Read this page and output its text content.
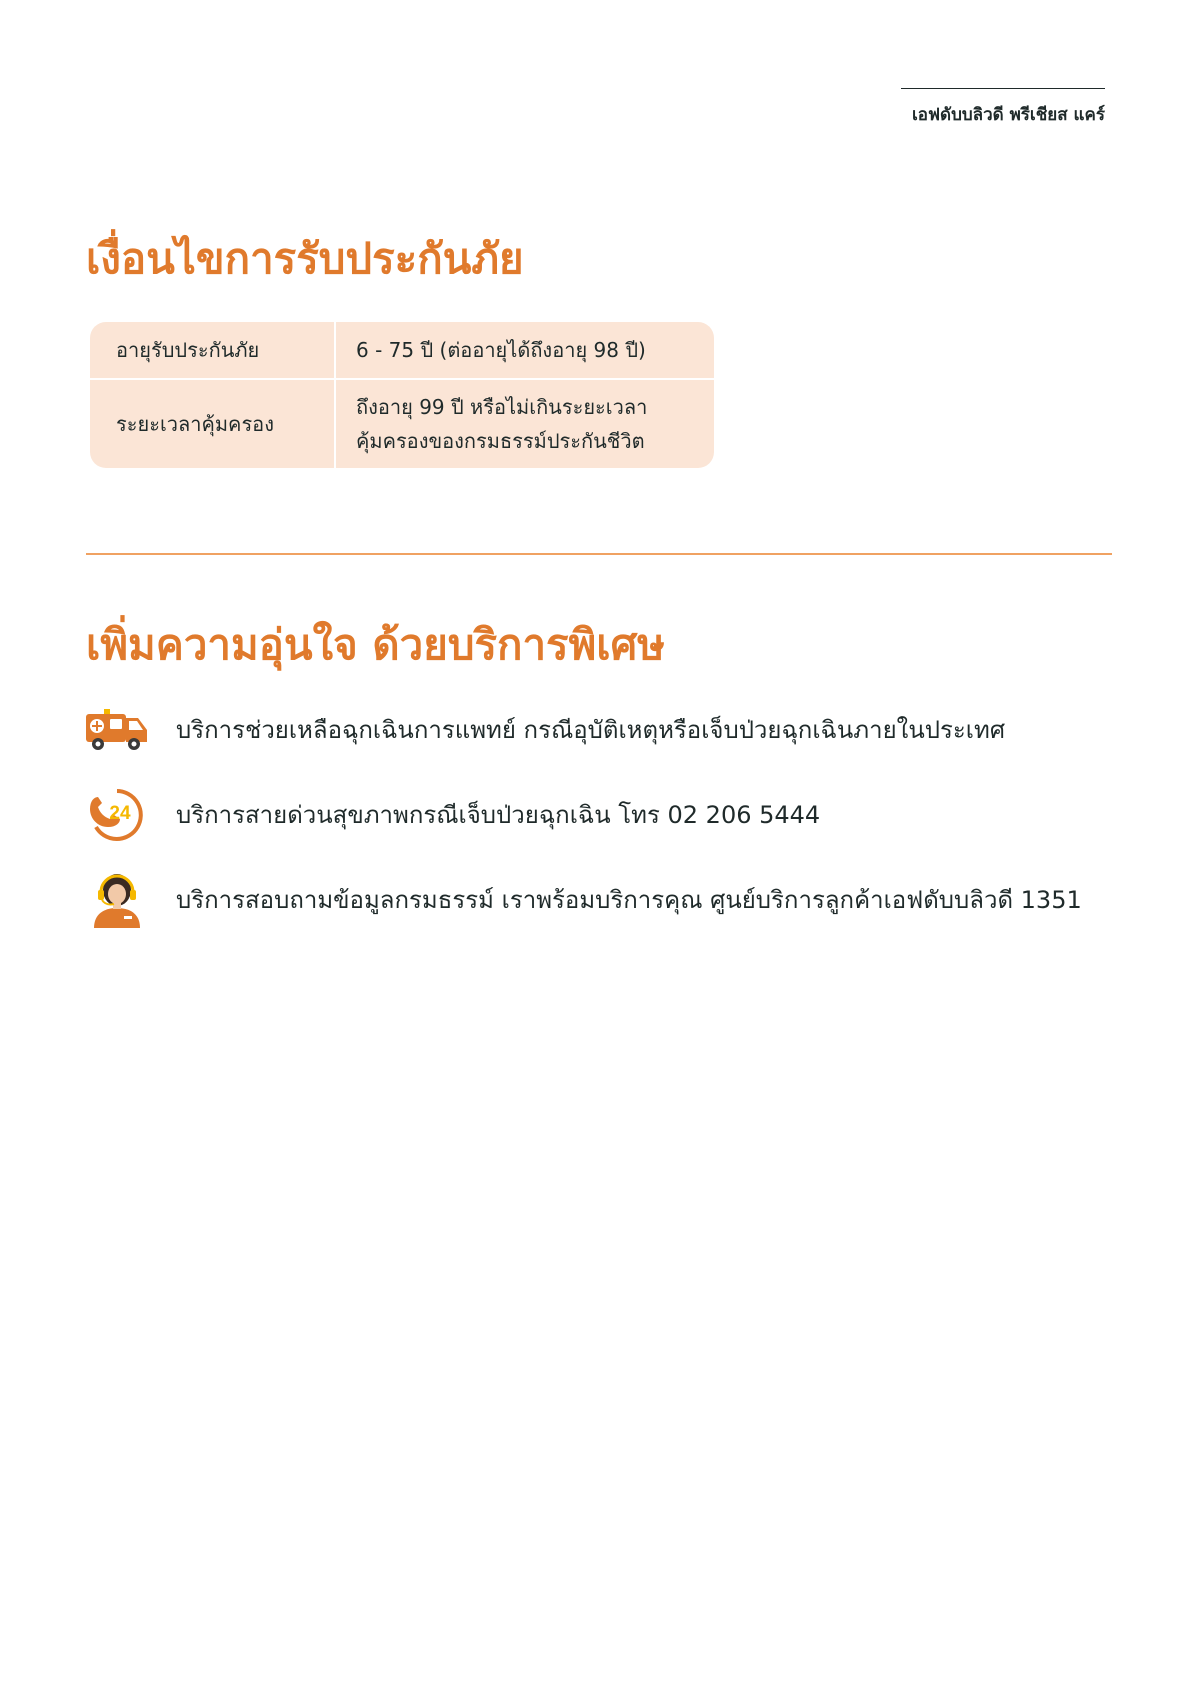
เอฟดับบลิวดี พรีเชียส แคร์
เงื่อนไขการรับประกันภัย
อายุรับประกันภัย	6 - 75 ปี (ต่ออายุได้ถึงอายุ 98 ปี)
ระยะเวลาคุ้มครอง
ถึงอายุ 99 ปี หรือไม่เกินระยะเวลา
คุ้มครองของกรมธรรม์ประกันชีวิต
เพิ่มความอุ่นใจ ด้วยบริการพิเศษ
บริการช่วยเหลือฉุกเฉินการแพทย์ กรณีอุบัติเหตุหรือเจ็บป่วยฉุกเฉินภายในประเทศ
24 บริการสายด่วนสุขภาพกรณีเจ็บป่วยฉุกเฉิน โทร 02 206 5444
บริการสอบถามข้อมูลกรมธรรม์ เราพร้อมบริการคุณ ศูนย์บริการลูกค้าเอฟดับบลิวดี 1351
